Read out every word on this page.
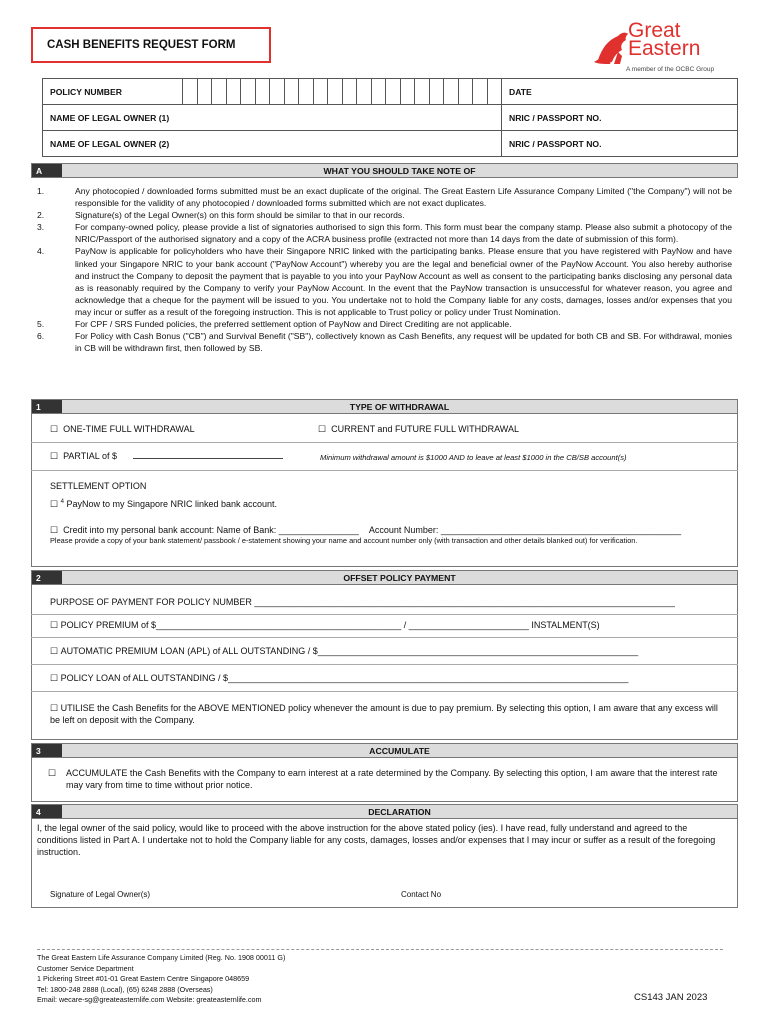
CASH BENEFITS REQUEST FORM
Great
Eastern
A member of the OCBC Group
POLICY NUMBER																							DATE
NAME OF LEGAL OWNER (1)																							NRIC / PASSPORT NO.
NAME OF LEGAL OWNER (2)																							NRIC / PASSPORT NO.
A	WHAT YOU SHOULD TAKE NOTE OF
1.	Any photocopied / downloaded forms submitted must be an exact duplicate of the original. The Great Eastern Life Assurance Company Limited ("the Company") will not be responsible for the validity of any photocopied / downloaded forms submitted which are not exact duplicates.
2.	Signature(s) of the Legal Owner(s) on this form should be similar to that in our records.
3.	For company-owned policy, please provide a list of signatories authorised to sign this form. This form must bear the company stamp. Please also submit a photocopy of the NRIC/Passport of the authorised signatory and a copy of the ACRA business profile (extracted not more than 14 days from the date of submission of this form).
4.	PayNow is applicable for policyholders who have their Singapore NRIC linked with the participating banks. Please ensure that you have registered with PayNow and have linked your Singapore NRIC to your bank account ("PayNow Account") whereby you are the legal and beneficial owner of the PayNow Account. You also hereby authorise and instruct the Company to deposit the payment that is payable to you into your PayNow Account as well as consent to the participating banks disclosing any personal data as is reasonably required by the Company to verify your PayNow Account. In the event that the PayNow transaction is unsuccessful for whatever reason, you agree and acknowledge that a cheque for the payment will be issued to you. You undertake not to hold the Company liable for any costs, damages, losses and/or expenses that you may incur or suffer as a result of the foregoing instruction. This is not applicable to Trust policy or policy under Trust Nomination.
5.	For CPF / SRS Funded policies, the preferred settlement option of PayNow and Direct Crediting are not applicable.
6.	For Policy with Cash Bonus ("CB") and Survival Benefit ("SB"), collectively known as Cash Benefits, any request will be updated for both CB and SB. For withdrawal, monies in CB will be withdrawn first, then followed by SB.
1	TYPE OF WITHDRAWAL
☐ ONE-TIME FULL WITHDRAWAL	☐ CURRENT and FUTURE FULL WITHDRAWAL
☐ PARTIAL of $	Minimum withdrawal amount is $1000 AND to leave at least $1000 in the CB/SB account(s)
SETTLEMENT OPTION
☐ $^4$ PayNow to my Singapore NRIC linked bank account.
☐ Credit into my personal bank account: Name of Bank: ________________ Account Number: ________________________________________________
Please provide a copy of your bank statement/ passbook / e-statement showing your name and account number only (with transaction and other details blanked out) for verification.
2	OFFSET POLICY PAYMENT
PURPOSE OF PAYMENT FOR POLICY NUMBER ____________________________________________________________________________________
☐ POLICY PREMIUM of $_________________________________________________ / ________________________ INSTALMENT(S)
☐ AUTOMATIC PREMIUM LOAN (APL) of ALL OUTSTANDING / $________________________________________________________________
☐ POLICY LOAN of ALL OUTSTANDING / $________________________________________________________________________________
☐ UTILISE the Cash Benefits for the ABOVE MENTIONED policy whenever the amount is due to pay premium. By selecting this option, I am aware that any excess will be left on deposit with the Company.
3	ACCUMULATE
☐	ACCUMULATE the Cash Benefits with the Company to earn interest at a rate determined by the Company. By selecting this option, I am aware that the interest rate may vary from time to time without prior notice.
4	DECLARATION
I, the legal owner of the said policy, would like to proceed with the above instruction for the above stated policy (ies). I have read, fully understand and agreed to the conditions listed in Part A. I undertake not to hold the Company liable for any costs, damages, losses and/or expenses that I may incur or suffer as a result of the foregoing instruction.
Signature of Legal Owner(s)	Contact No
The Great Eastern Life Assurance Company Limited (Reg. No. 1908 00011 G)
Customer Service Department
1 Pickering Street #01-01 Great Eastern Centre Singapore 048659
Tel: 1800-248 2888 (Local), (65) 6248 2888 (Overseas)
Email: wecare-sg@greateasternlife.com Website: greateasternlife.com	CS143 JAN 2023
